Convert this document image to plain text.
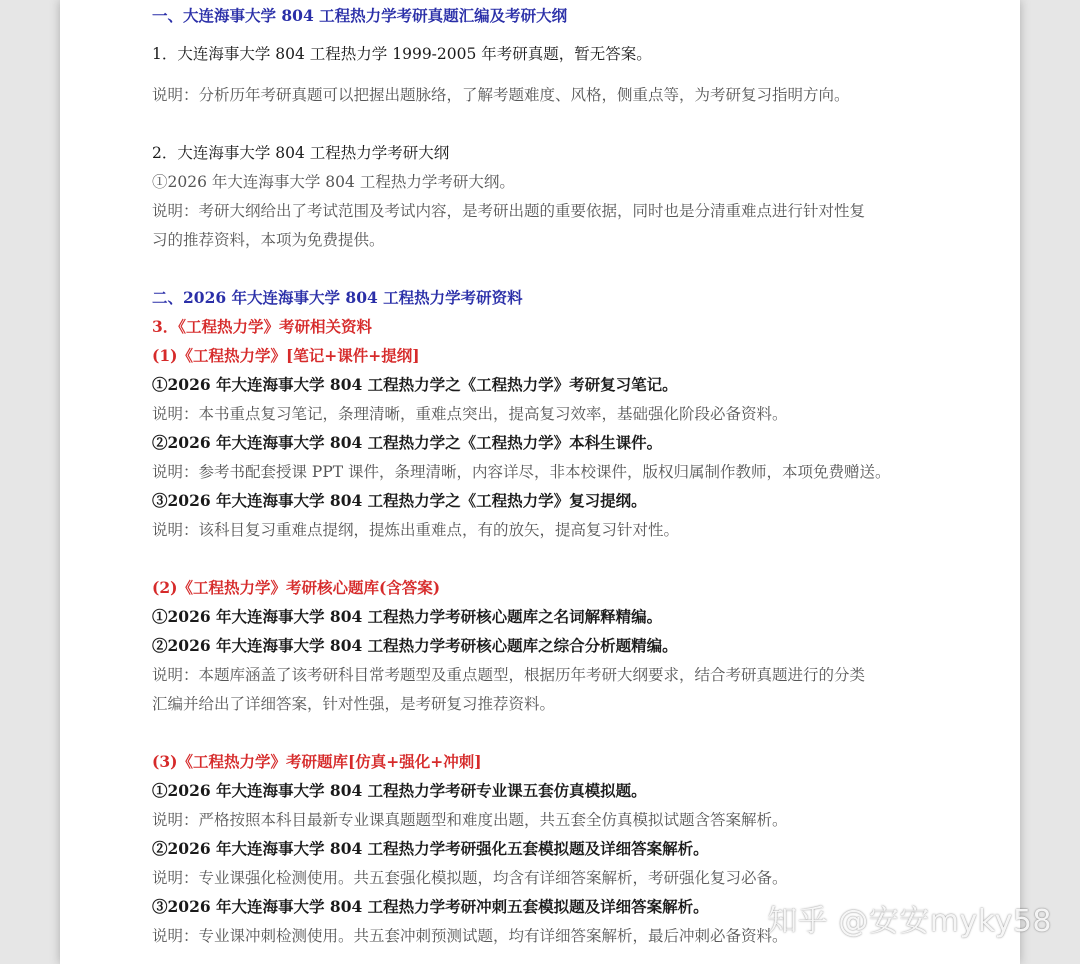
一、大连海事大学 804 工程热力学考研真题汇编及考研大纲
1．大连海事大学 804 工程热力学 1999-2005 年考研真题，暂无答案。
说明：分析历年考研真题可以把握出题脉络，了解考题难度、风格，侧重点等，为考研复习指明方向。
2．大连海事大学 804 工程热力学考研大纲
①2026 年大连海事大学 804 工程热力学考研大纲。
说明：考研大纲给出了考试范围及考试内容，是考研出题的重要依据，同时也是分清重难点进行针对性复
习的推荐资料，本项为免费提供。
二、2026 年大连海事大学 804 工程热力学考研资料
3．《工程热力学》考研相关资料
(1)《工程热力学》[笔记+课件+提纲]
①2026 年大连海事大学 804 工程热力学之《工程热力学》考研复习笔记。
说明：本书重点复习笔记，条理清晰，重难点突出，提高复习效率，基础强化阶段必备资料。
②2026 年大连海事大学 804 工程热力学之《工程热力学》本科生课件。
说明：参考书配套授课 PPT 课件，条理清晰，内容详尽，非本校课件，版权归属制作教师，本项免费赠送。
③2026 年大连海事大学 804 工程热力学之《工程热力学》复习提纲。
说明：该科目复习重难点提纲，提炼出重难点，有的放矢，提高复习针对性。
(2)《工程热力学》考研核心题库(含答案)
①2026 年大连海事大学 804 工程热力学考研核心题库之名词解释精编。
②2026 年大连海事大学 804 工程热力学考研核心题库之综合分析题精编。
说明：本题库涵盖了该考研科目常考题型及重点题型，根据历年考研大纲要求，结合考研真题进行的分类
汇编并给出了详细答案，针对性强，是考研复习推荐资料。
(3)《工程热力学》考研题库[仿真+强化+冲刺]
①2026 年大连海事大学 804 工程热力学考研专业课五套仿真模拟题。
说明：严格按照本科目最新专业课真题题型和难度出题，共五套全仿真模拟试题含答案解析。
②2026 年大连海事大学 804 工程热力学考研强化五套模拟题及详细答案解析。
说明：专业课强化检测使用。共五套强化模拟题，均含有详细答案解析，考研强化复习必备。
③2026 年大连海事大学 804 工程热力学考研冲刺五套模拟题及详细答案解析。
说明：专业课冲刺检测使用。共五套冲刺预测试题，均有详细答案解析，最后冲刺必备资料。
知乎 @安安myky58
